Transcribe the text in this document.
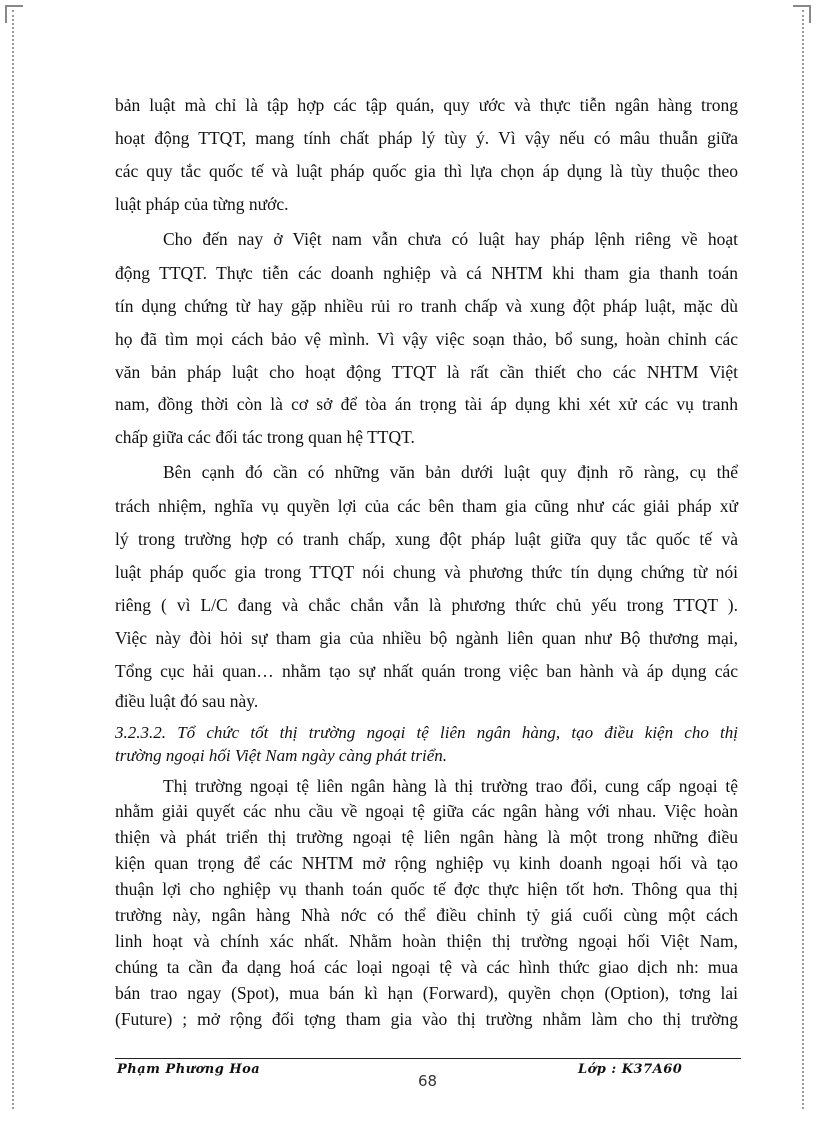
bản luật mà chỉ là tập hợp các tập quán, quy ước và thực tiễn ngân hàng trong
hoạt động TTQT, mang tính chất pháp lý tùy ý. Vì vậy nếu có mâu thuẫn giữa
các quy tắc quốc tế và luật pháp quốc gia thì lựa chọn áp dụng là tùy thuộc theo
luật pháp của từng nước.
Cho đến nay ở Việt nam vẫn chưa có luật hay pháp lệnh riêng về hoạt
động TTQT. Thực tiễn các doanh nghiệp và cá NHTM khi tham gia thanh toán
tín dụng chứng từ hay gặp nhiều rủi ro tranh chấp và xung đột pháp luật, mặc dù
họ đã tìm mọi cách bảo vệ mình. Vì vậy việc soạn thảo, bổ sung, hoàn chỉnh các
văn bản pháp luật cho hoạt động TTQT là rất cần thiết cho các NHTM Việt
nam, đồng thời còn là cơ sở để tòa án trọng tài áp dụng khi xét xử các vụ tranh
chấp giữa các đối tác trong quan hệ TTQT.
Bên cạnh đó cần có những văn bản dưới luật quy định rõ ràng, cụ thể
trách nhiệm, nghĩa vụ quyền lợi của các bên tham gia cũng như các giải pháp xử
lý trong trường hợp có tranh chấp, xung đột pháp luật giữa quy tắc quốc tế và
luật pháp quốc gia trong TTQT nói chung và phương thức tín dụng chứng từ nói
riêng ( vì L/C đang và chắc chắn vẫn là phương thức chủ yếu trong TTQT ).
Việc này đòi hỏi sự tham gia của nhiều bộ ngành liên quan như Bộ thương mại,
Tổng cục hải quan… nhằm tạo sự nhất quán trong việc ban hành và áp dụng các
điều luật đó sau này.
3.2.3.2. Tổ chức tốt thị trường ngoại tệ liên ngân hàng, tạo điều kiện cho thị
trường ngoại hối Việt Nam ngày càng phát triển.
Thị trường ngoại tệ liên ngân hàng là thị trường trao đổi, cung cấp ngoại tệ
nhằm giải quyết các nhu cầu về ngoại tệ giữa các ngân hàng với nhau. Việc hoàn
thiện và phát triển thị trường ngoại tệ liên ngân hàng là một trong những điều
kiện quan trọng để các NHTM mở rộng nghiệp vụ kinh doanh ngoại hối và tạo
thuận lợi cho nghiệp vụ thanh toán quốc tế đợc thực hiện tốt hơn. Thông qua thị
trường này, ngân hàng Nhà nớc có thể điều chỉnh tỷ giá cuối cùng một cách
linh hoạt và chính xác nhất. Nhằm hoàn thiện thị trường ngoại hối Việt Nam,
chúng ta cần đa dạng hoá các loại ngoại tệ và các hình thức giao dịch nh: mua
bán trao ngay (Spot), mua bán kì hạn (Forward), quyền chọn (Option), tơng lai
(Future) ; mở rộng đối tợng tham gia vào thị trường nhằm làm cho thị trường
Phạm Phương Hoa	Lớp : K37A60
68
